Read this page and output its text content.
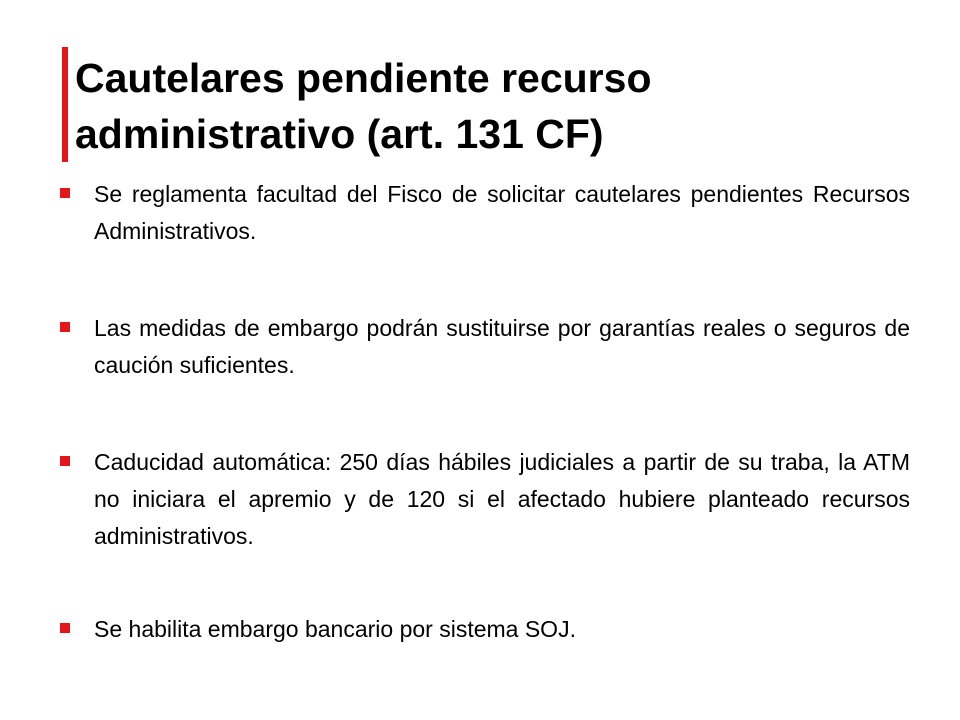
Cautelares pendiente recurso administrativo (art. 131 CF)
Se reglamenta facultad del Fisco de solicitar cautelares pendientes Recursos Administrativos.
Las medidas de embargo podrán sustituirse por garantías reales o seguros de caución suficientes.
Caducidad automática: 250 días hábiles judiciales a partir de su traba, la ATM no iniciara el apremio y de 120 si el afectado hubiere planteado recursos administrativos.
Se habilita embargo bancario por sistema SOJ.
